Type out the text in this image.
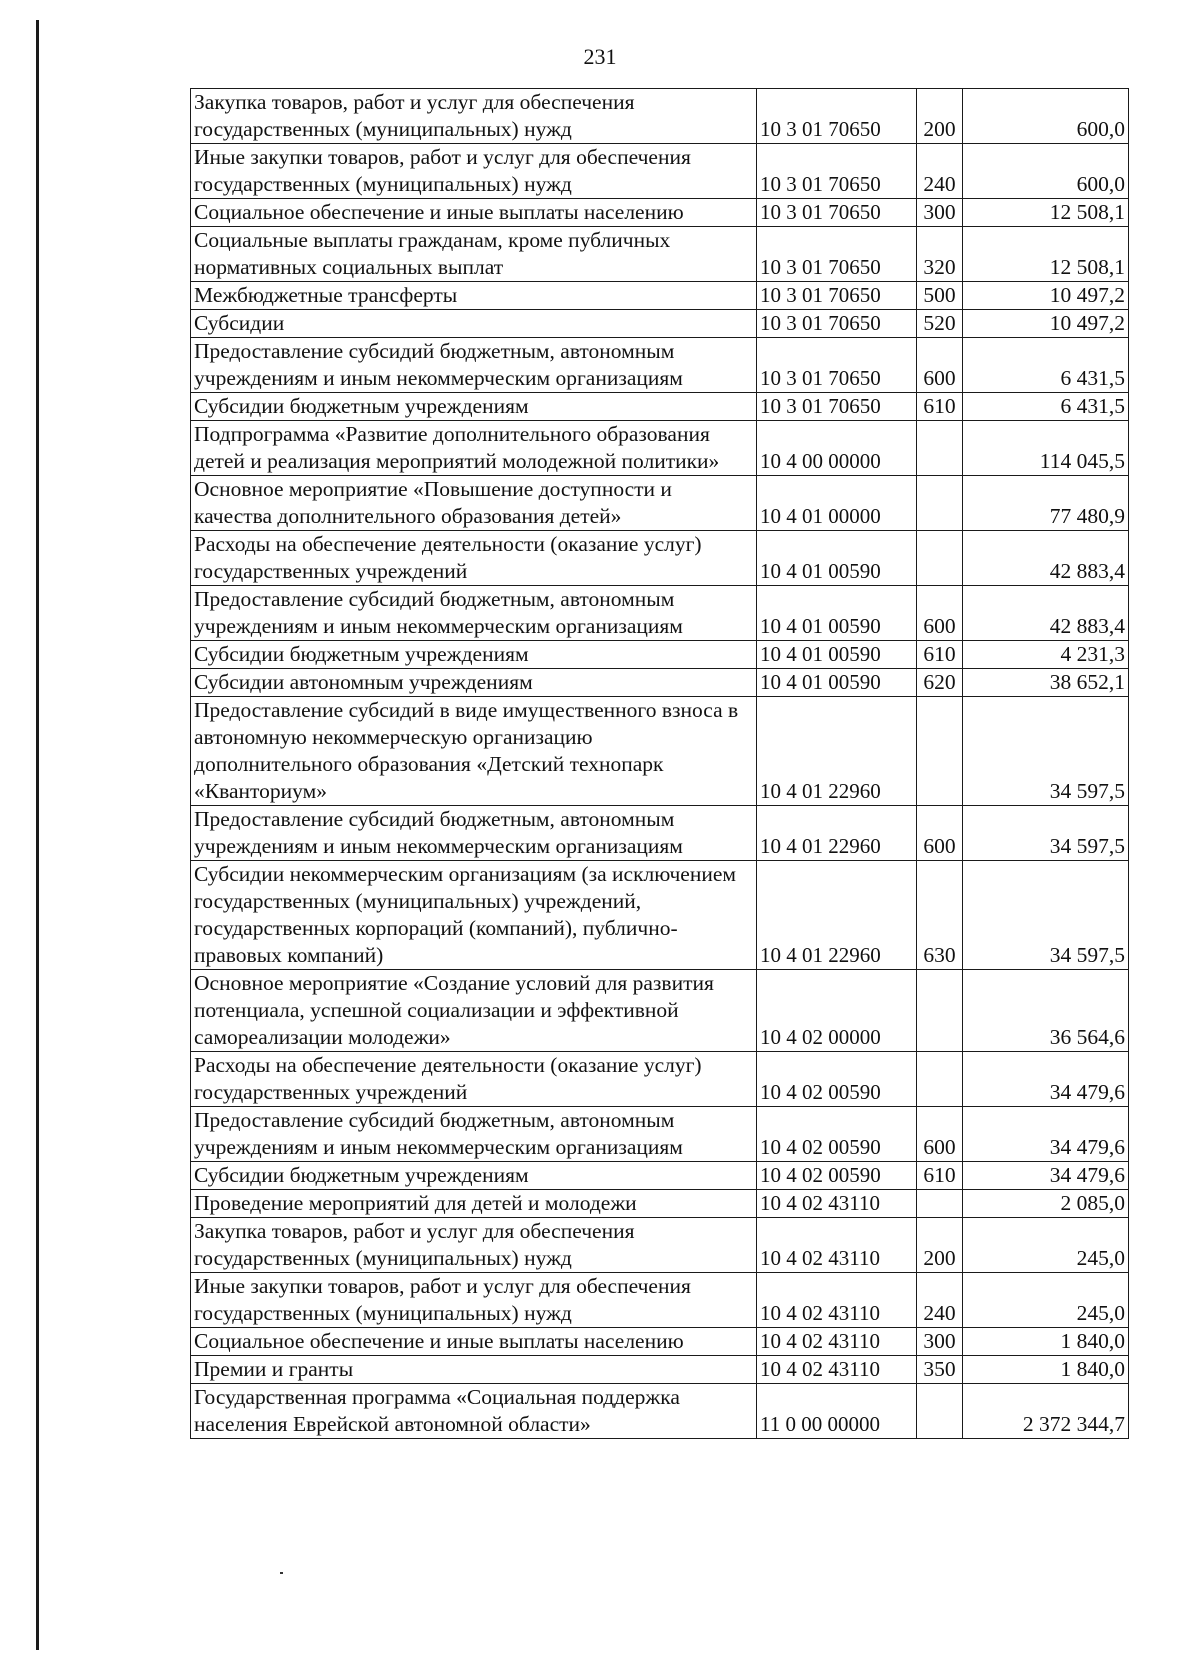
231
Закупка товаров, работ и услуг для обеспечения государственных (муниципальных) нужд	10 3 01 70650	200	600,0
Иные закупки товаров, работ и услуг для обеспечения государственных (муниципальных) нужд	10 3 01 70650	240	600,0
Социальное обеспечение и иные выплаты населению	10 3 01 70650	300	12 508,1
Социальные выплаты гражданам, кроме публичных нормативных социальных выплат	10 3 01 70650	320	12 508,1
Межбюджетные трансферты	10 3 01 70650	500	10 497,2
Субсидии	10 3 01 70650	520	10 497,2
Предоставление субсидий бюджетным, автономным учреждениям и иным некоммерческим организациям	10 3 01 70650	600	6 431,5
Субсидии бюджетным учреждениям	10 3 01 70650	610	6 431,5
Подпрограмма «Развитие дополнительного образования детей и реализация мероприятий молодежной политики»	10 4 00 00000		114 045,5
Основное мероприятие «Повышение доступности и качества дополнительного образования детей»	10 4 01 00000		77 480,9
Расходы на обеспечение деятельности (оказание услуг) государственных учреждений	10 4 01 00590		42 883,4
Предоставление субсидий бюджетным, автономным учреждениям и иным некоммерческим организациям	10 4 01 00590	600	42 883,4
Субсидии бюджетным учреждениям	10 4 01 00590	610	4 231,3
Субсидии автономным учреждениям	10 4 01 00590	620	38 652,1
Предоставление субсидий в виде имущественного взноса в автономную некоммерческую организацию дополнительного образования «Детский технопарк «Кванториум»	10 4 01 22960		34 597,5
Предоставление субсидий бюджетным, автономным учреждениям и иным некоммерческим организациям	10 4 01 22960	600	34 597,5
Субсидии некоммерческим организациям (за исключением государственных (муниципальных) учреждений, государственных корпораций (компаний), публично-правовых компаний)	10 4 01 22960	630	34 597,5
Основное мероприятие «Создание условий для развития потенциала, успешной социализации и эффективной самореализации молодежи»	10 4 02 00000		36 564,6
Расходы на обеспечение деятельности (оказание услуг) государственных учреждений	10 4 02 00590		34 479,6
Предоставление субсидий бюджетным, автономным учреждениям и иным некоммерческим организациям	10 4 02 00590	600	34 479,6
Субсидии бюджетным учреждениям	10 4 02 00590	610	34 479,6
Проведение мероприятий для детей и молодежи	10 4 02 43110		2 085,0
Закупка товаров, работ и услуг для обеспечения государственных (муниципальных) нужд	10 4 02 43110	200	245,0
Иные закупки товаров, работ и услуг для обеспечения государственных (муниципальных) нужд	10 4 02 43110	240	245,0
Социальное обеспечение и иные выплаты населению	10 4 02 43110	300	1 840,0
Премии и гранты	10 4 02 43110	350	1 840,0
Государственная программа «Социальная поддержка населения Еврейской автономной области»	11 0 00 00000		2 372 344,7
